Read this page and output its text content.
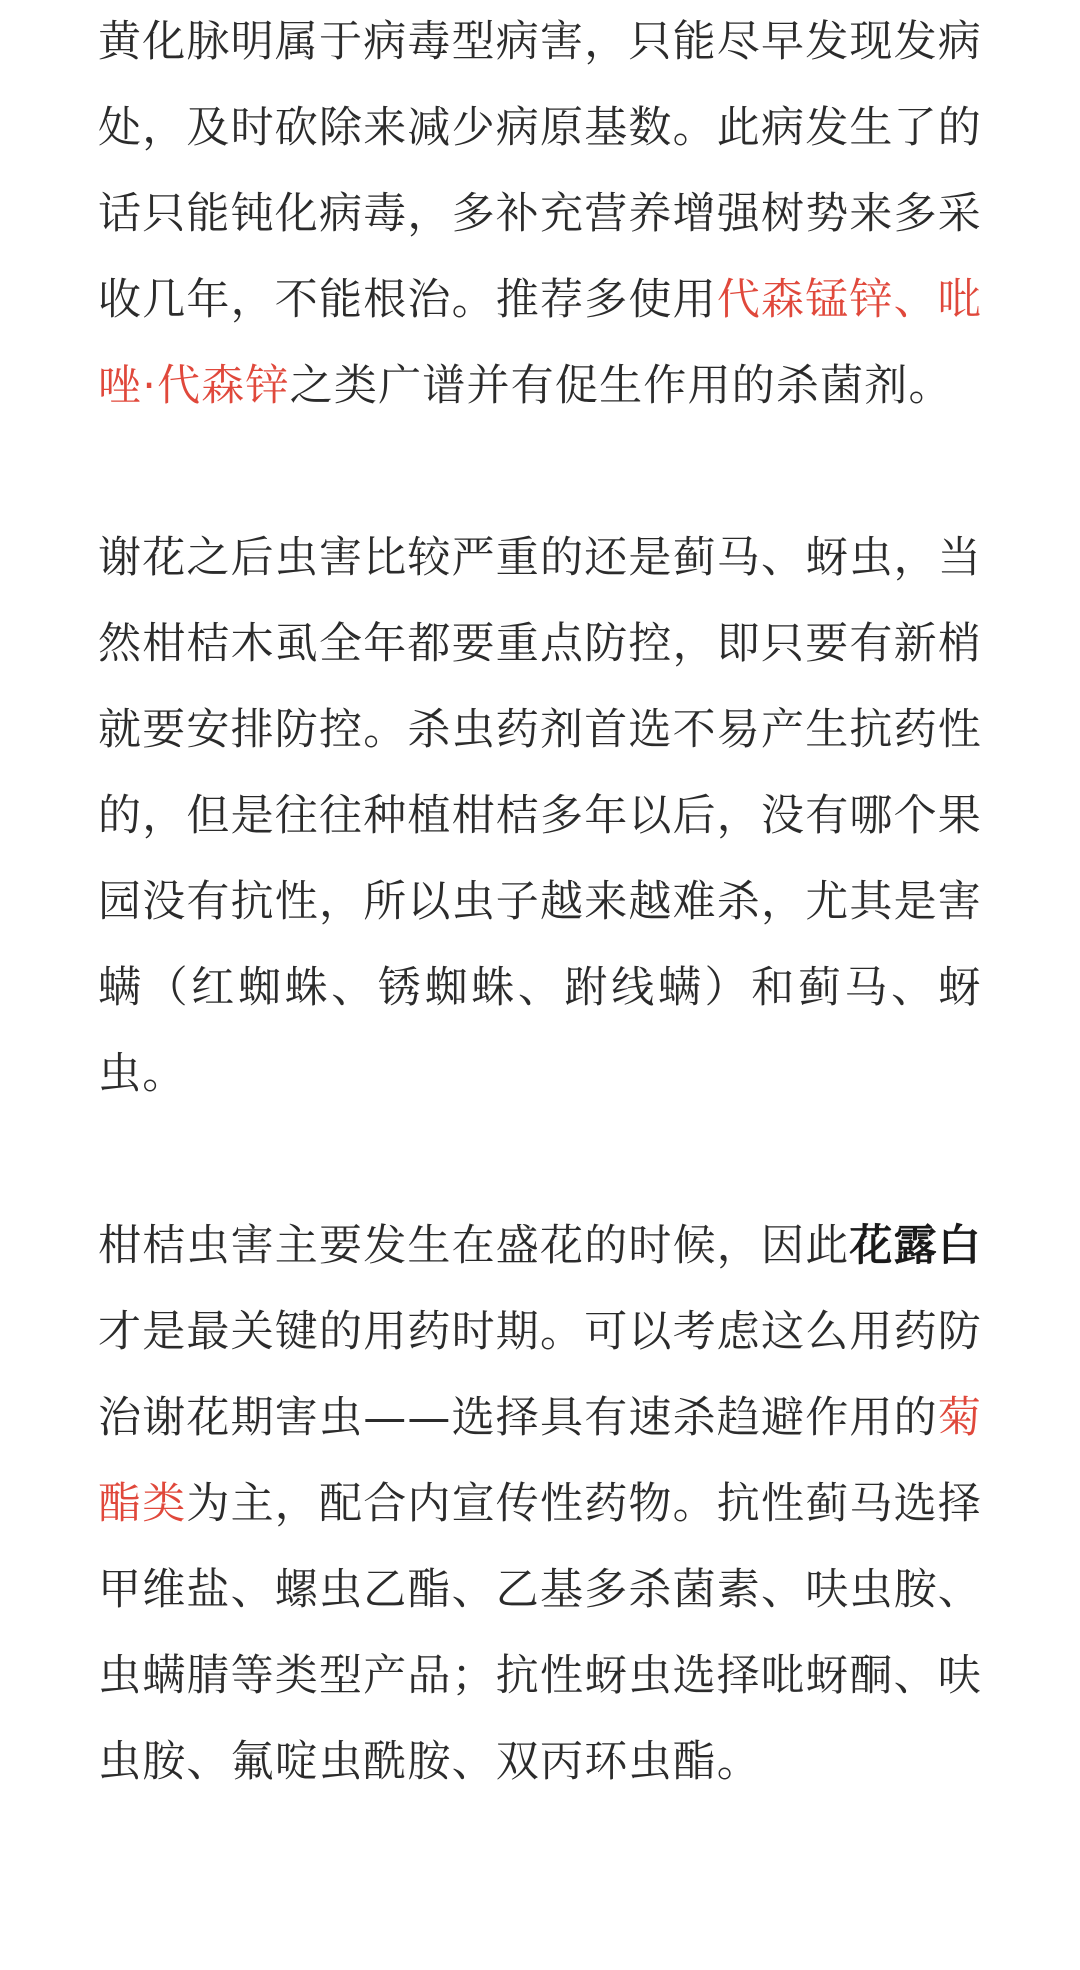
黄化脉明属于病毒型病害，只能尽早发现发病处，及时砍除来减少病原基数。此病发生了的话只能钝化病毒，多补充营养增强树势来多采收几年，不能根治。推荐多使用代森锰锌、吡唑·代森锌之类广谱并有促生作用的杀菌剂。

谢花之后虫害比较严重的还是蓟马、蚜虫，当然柑桔木虱全年都要重点防控，即只要有新梢就要安排防控。杀虫药剂首选不易产生抗药性的，但是往往种植柑桔多年以后，没有哪个果园没有抗性，所以虫子越来越难杀，尤其是害螨（红蜘蛛、锈蜘蛛、跗线螨）和蓟马、蚜虫。

柑桔虫害主要发生在盛花的时候，因此花露白才是最关键的用药时期。可以考虑这么用药防治谢花期害虫——选择具有速杀趋避作用的菊酯类为主，配合内宣传性药物。抗性蓟马选择甲维盐、螺虫乙酯、乙基多杀菌素、呋虫胺、虫螨腈等类型产品；抗性蚜虫选择吡蚜酮、呋虫胺、氟啶虫酰胺、双丙环虫酯。
